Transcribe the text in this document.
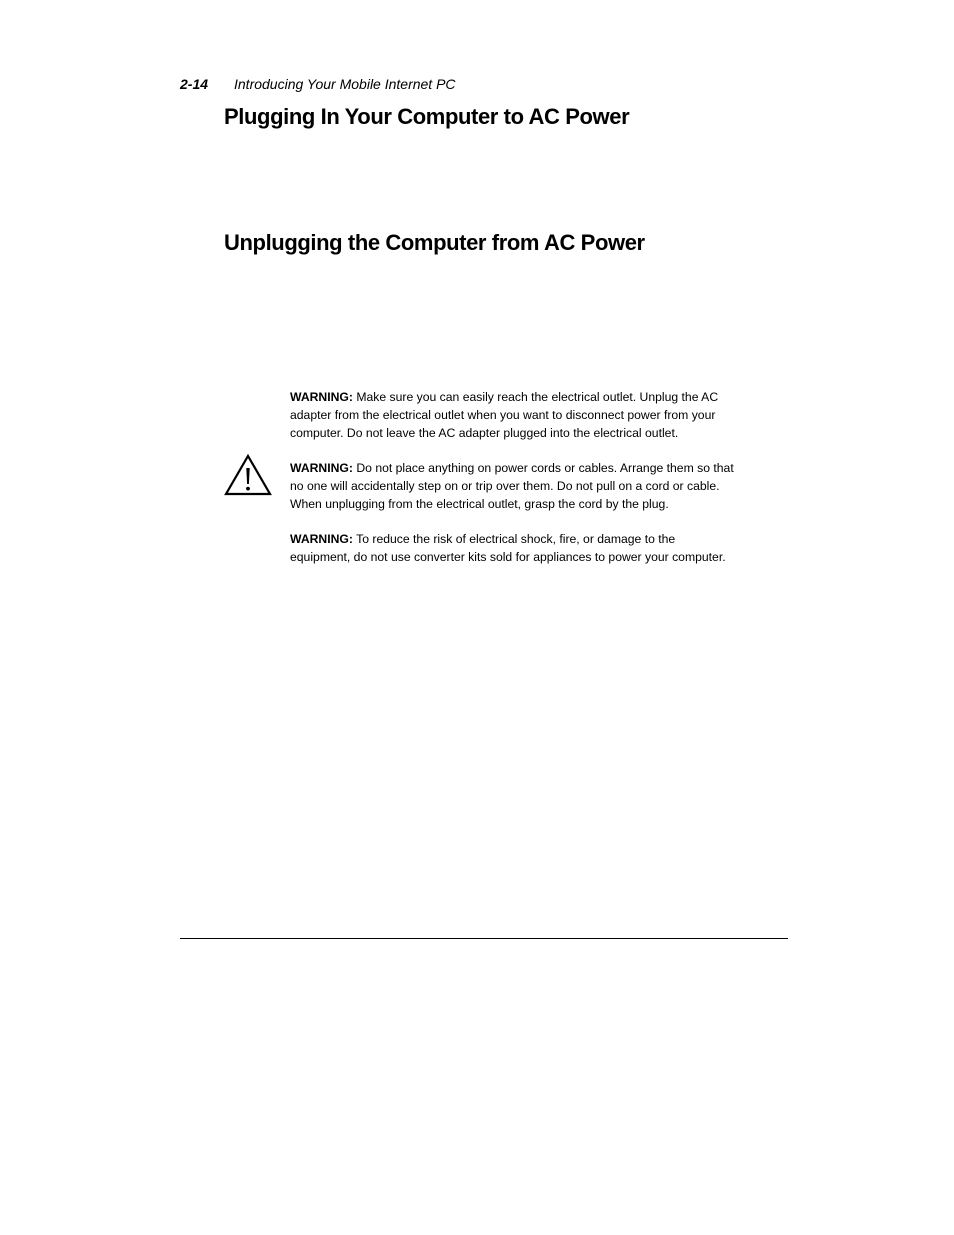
2-14 Introducing Your Mobile Internet PC
Plugging In Your Computer to AC Power
Unplugging the Computer from AC Power

WARNING: Make sure you can easily reach the electrical outlet. Unplug the AC adapter from the electrical outlet when you want to disconnect power from your computer. Do not leave the AC adapter plugged into the electrical outlet.

WARNING: Do not place anything on power cords or cables. Arrange them so that no one will accidentally step on or trip over them. Do not pull on a cord or cable. When unplugging from the electrical outlet, grasp the cord by the plug.

WARNING: To reduce the risk of electrical shock, fire, or damage to the equipment, do not use converter kits sold for appliances to power your computer.
